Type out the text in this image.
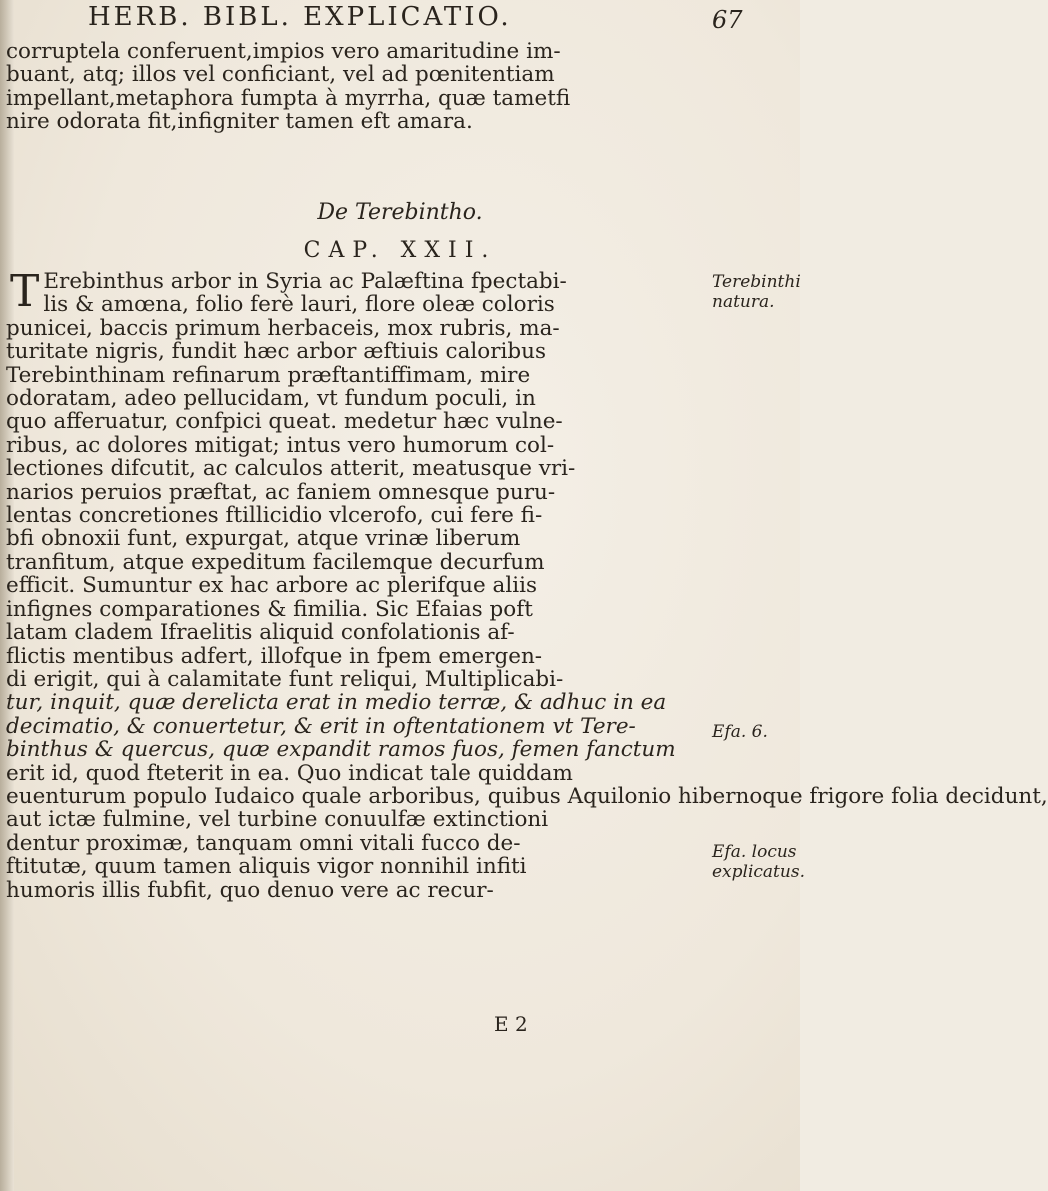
HERB. BIBL. EXPLICATIO.	67
corruptela conferuent,impios vero amaritudine im-
buant, atq; illos vel conficiant, vel ad pœnitentiam
impellant,metaphora fumpta à myrrha, quæ tametfi
nire odorata fit,infigniter tamen eft amara.
De Terebintho.
CAP. XXII.
T Erebinthus arbor in Syria ac Palæftina fpectabi-
lis & amœna, folio ferè lauri, flore oleæ coloris
punicei, baccis primum herbaceis, mox rubris, ma-
turitate nigris, fundit hæc arbor æftiuis caloribus
Terebinthinam refinarum præftantiffimam, mire
odoratam, adeo pellucidam, vt fundum poculi, in
quo afferuatur, confpici queat. medetur hæc vulne-
ribus, ac dolores mitigat; intus vero humorum col-
lectiones difcutit, ac calculos atterit, meatusque vri-
narios peruios præftat, ac faniem omnesque puru-
lentas concretiones ftillicidio vlcerofo, cui fere fi-
bfi obnoxii funt, expurgat, atque vrinæ liberum
tranfitum, atque expeditum facilemque decurfum
efficit. Sumuntur ex hac arbore ac plerifque aliis
infignes comparationes & fimilia. Sic Efaias poft
latam cladem Ifraelitis aliquid confolationis af-
flictis mentibus adfert, illofque in fpem emergen-
di erigit, qui à calamitate funt reliqui, Multiplicabi-
tur, inquit, quæ derelicta erat in medio terræ, & adhuc in ea
decimatio, & conuertetur, & erit in oftentationem vt Tere-
binthus & quercus, quæ expandit ramos fuos, femen fanctum
erit id, quod fteterit in ea. Quo indicat tale quiddam
euenturum populo Iudaico quale arboribus, quibus Aquilonio hibernoque frigore folia decidunt,
aut ictæ fulmine, vel turbine conuulfæ extinctioni
dentur proximæ, tanquam omni vitali fucco de-
ftitutæ, quum tamen aliquis vigor nonnihil infiti
humoris illis fubfit, quo denuo vere ac recur-
Terebinthi
natura.
Efa. 6.
Efa. locus
explicatus.
E 2
